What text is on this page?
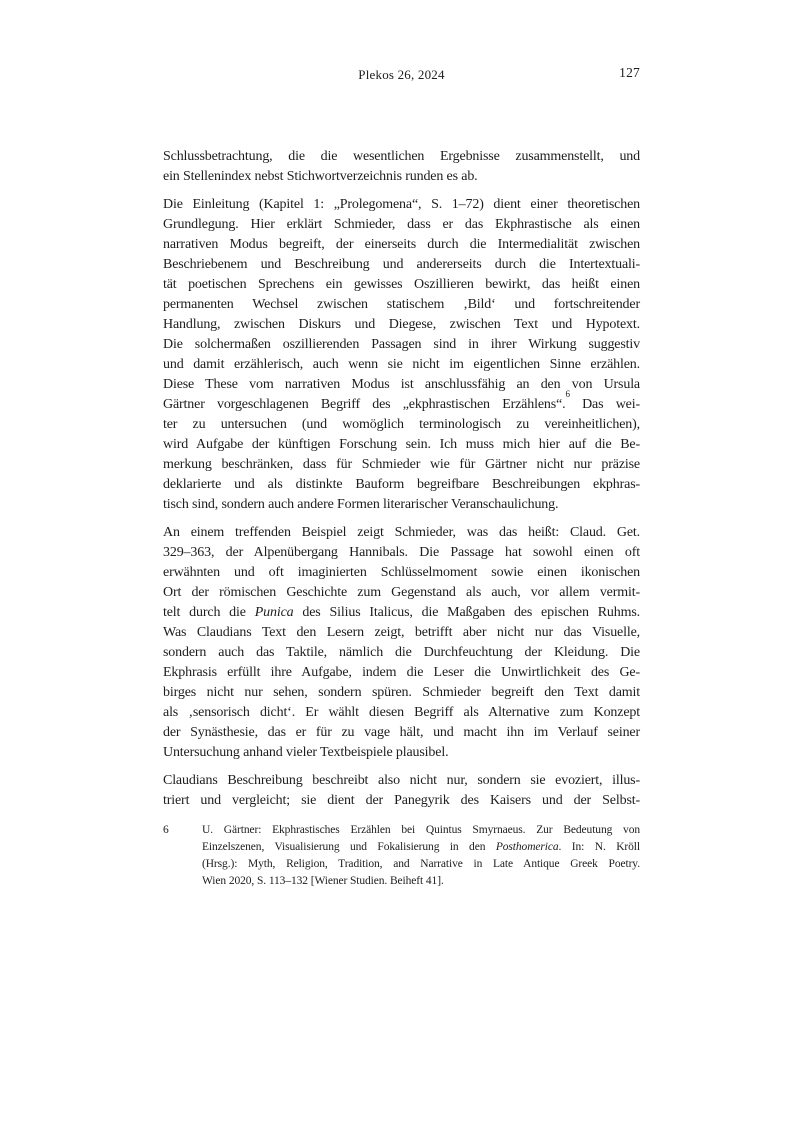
Plekos 26, 2024	127
Schlussbetrachtung, die die wesentlichen Ergebnisse zusammenstellt, und
ein Stellenindex nebst Stichwortverzeichnis runden es ab.
Die Einleitung (Kapitel 1: „Prolegomena“, S. 1–72) dient einer theoretischen
Grundlegung. Hier erklärt Schmieder, dass er das Ekphrastische als einen
narrativen Modus begreift, der einerseits durch die Intermedialität zwischen
Beschriebenem und Beschreibung und andererseits durch die Intertextuali-
tät poetischen Sprechens ein gewisses Oszillieren bewirkt, das heißt einen
permanenten Wechsel zwischen statischem ‚Bild‘ und fortschreitender
Handlung, zwischen Diskurs und Diegese, zwischen Text und Hypotext.
Die solchermaßen oszillierenden Passagen sind in ihrer Wirkung suggestiv
und damit erzählerisch, auch wenn sie nicht im eigentlichen Sinne erzählen.
Diese These vom narrativen Modus ist anschlussfähig an den von Ursula
Gärtner vorgeschlagenen Begriff des „ekphrastischen Erzählens“.$^6$ Das wei-
ter zu untersuchen (und womöglich terminologisch zu vereinheitlichen),
wird Aufgabe der künftigen Forschung sein. Ich muss mich hier auf die Be-
merkung beschränken, dass für Schmieder wie für Gärtner nicht nur präzise
deklarierte und als distinkte Bauform begreifbare Beschreibungen ekphras-
tisch sind, sondern auch andere Formen literarischer Veranschaulichung.
An einem treffenden Beispiel zeigt Schmieder, was das heißt: Claud. Get.
329–363, der Alpenübergang Hannibals. Die Passage hat sowohl einen oft
erwähnten und oft imaginierten Schlüsselmoment sowie einen ikonischen
Ort der römischen Geschichte zum Gegenstand als auch, vor allem vermit-
telt durch die Punica des Silius Italicus, die Maßgaben des epischen Ruhms.
Was Claudians Text den Lesern zeigt, betrifft aber nicht nur das Visuelle,
sondern auch das Taktile, nämlich die Durchfeuchtung der Kleidung. Die
Ekphrasis erfüllt ihre Aufgabe, indem die Leser die Unwirtlichkeit des Ge-
birges nicht nur sehen, sondern spüren. Schmieder begreift den Text damit
als ‚sensorisch dicht‘. Er wählt diesen Begriff als Alternative zum Konzept
der Synästhesie, das er für zu vage hält, und macht ihn im Verlauf seiner
Untersuchung anhand vieler Textbeispiele plausibel.
Claudians Beschreibung beschreibt also nicht nur, sondern sie evoziert, illus-
triert und vergleicht; sie dient der Panegyrik des Kaisers und der Selbst-
6	U. Gärtner: Ekphrastisches Erzählen bei Quintus Smyrnaeus. Zur Bedeutung von
Einzelszenen, Visualisierung und Fokalisierung in den Posthomerica. In: N. Kröll
(Hrsg.): Myth, Religion, Tradition, and Narrative in Late Antique Greek Poetry.
Wien 2020, S. 113–132 [Wiener Studien. Beiheft 41].
